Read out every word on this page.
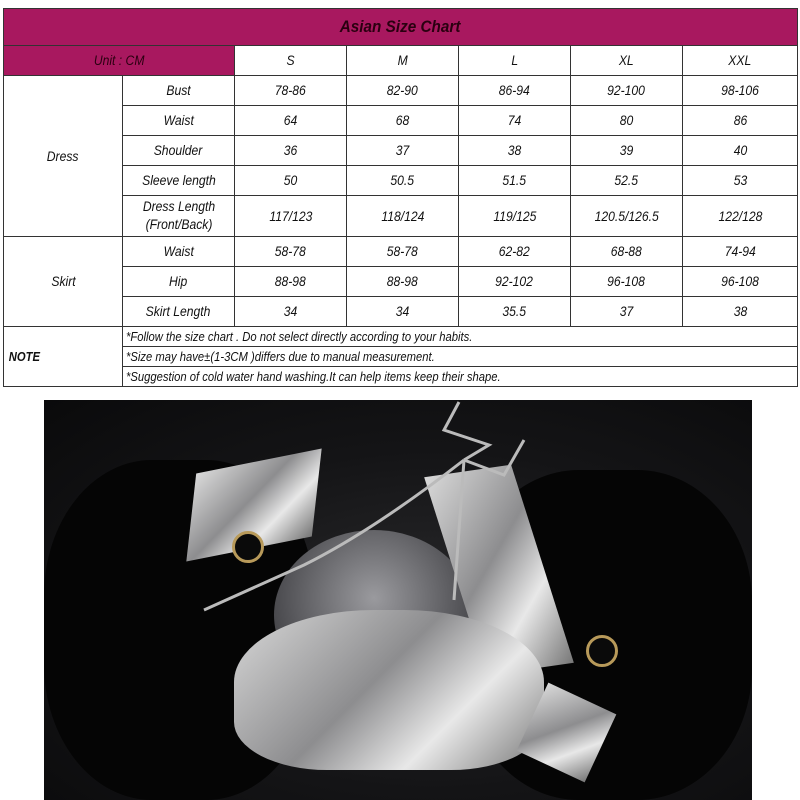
Asian Size Chart						
Unit : CM		S	M	L	XL	XXL
Dress	Bust	78-86	82-90	86-94	92-100	98-106
	Waist	64	68	74	80	86
	Shoulder	36	37	38	39	40
	Sleeve length	50	50.5	51.5	52.5	53
	Dress Length (Front/Back)	117/123	118/124	119/125	120.5/126.5	122/128
Skirt	Waist	58-78	58-78	62-82	68-88	74-94
	Hip	88-98	88-98	92-102	96-108	96-108
	Skirt Length	34	34	35.5	37	38
NOTE	*Follow the size chart . Do not select directly according to your habits.					
	*Size may have±(1-3CM )differs due to manual measurement.					
	*Suggestion of cold water hand washing.It can help items keep their shape.					
